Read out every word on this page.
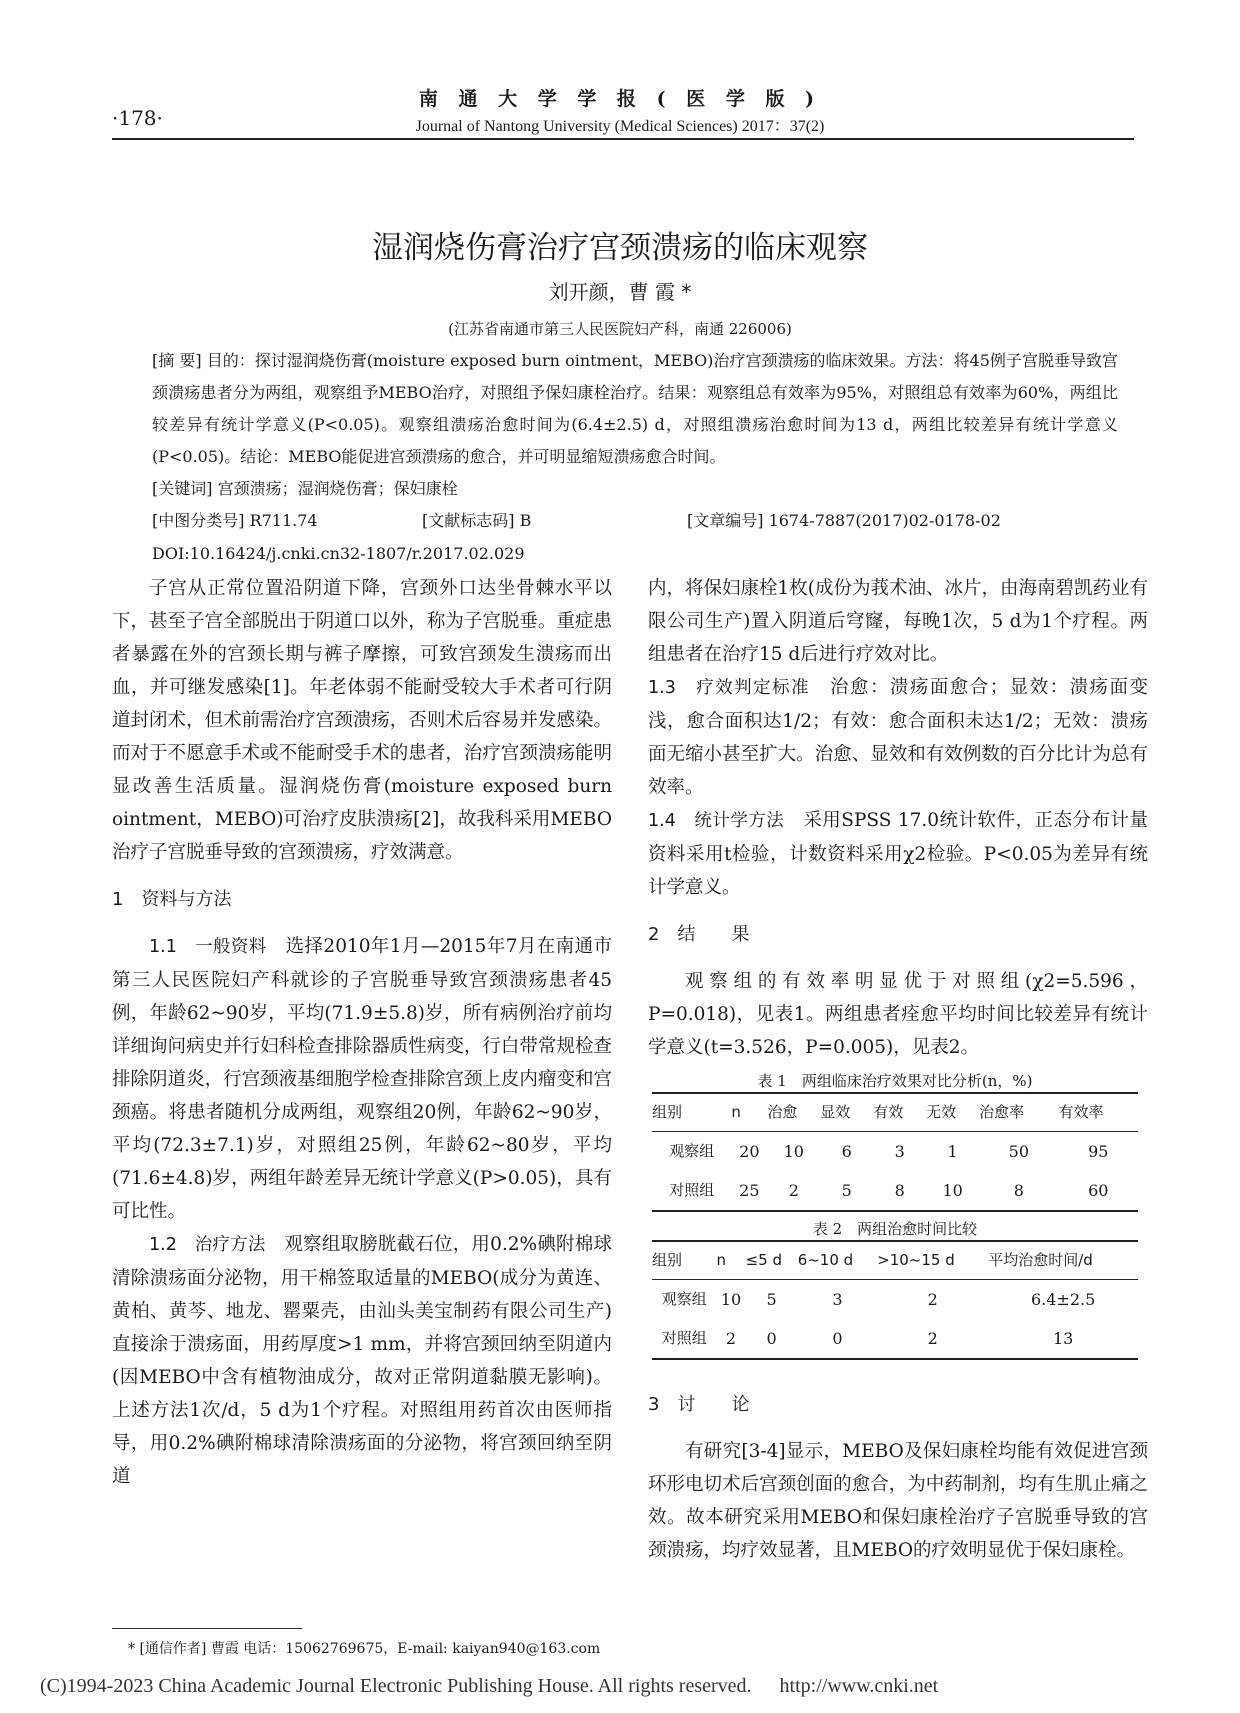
·178·
南 通 大 学 学 报 ( 医 学 版 )
Journal of Nantong University (Medical Sciences) 2017：37(2)
湿润烧伤膏治疗宫颈溃疡的临床观察
刘开颜，曹 霞 *
(江苏省南通市第三人民医院妇产科，南通 226006)
[摘 要] 目的：探讨湿润烧伤膏(moisture exposed burn ointment，MEBO)治疗宫颈溃疡的临床效果。方法：将45例子宫脱垂导致宫颈溃疡患者分为两组，观察组予MEBO治疗，对照组予保妇康栓治疗。结果：观察组总有效率为95%，对照组总有效率为60%，两组比较差异有统计学意义(P<0.05)。观察组溃疡治愈时间为(6.4±2.5) d，对照组溃疡治愈时间为13 d，两组比较差异有统计学意义(P<0.05)。结论：MEBO能促进宫颈溃疡的愈合，并可明显缩短溃疡愈合时间。
[关键词] 宫颈溃疡；湿润烧伤膏；保妇康栓
[中图分类号] R711.74	[文献标志码] B	[文章编号] 1674-7887(2017)02-0178-02
DOI:10.16424/j.cnki.cn32-1807/r.2017.02.029

子宫从正常位置沿阴道下降，宫颈外口达坐骨棘水平以下，甚至子宫全部脱出于阴道口以外，称为子宫脱垂。重症患者暴露在外的宫颈长期与裤子摩擦，可致宫颈发生溃疡而出血，并可继发感染[1]。年老体弱不能耐受较大手术者可行阴道封闭术，但术前需治疗宫颈溃疡，否则术后容易并发感染。而对于不愿意手术或不能耐受手术的患者，治疗宫颈溃疡能明显改善生活质量。湿润烧伤膏(moisture exposed burn ointment，MEBO)可治疗皮肤溃疡[2]，故我科采用MEBO治疗子宫脱垂导致的宫颈溃疡，疗效满意。

1　资料与方法

1.1　一般资料　 选择2010年1月—2015年7月在南通市第三人民医院妇产科就诊的子宫脱垂导致宫颈溃疡患者45例，年龄62~90岁，平均(71.9±5.8)岁，所有病例治疗前均详细询问病史并行妇科检查排除器质性病变，行白带常规检查排除阴道炎，行宫颈液基细胞学检查排除宫颈上皮内瘤变和宫颈癌。将患者随机分成两组，观察组20例，年龄62~90岁，平均(72.3±7.1)岁，对照组25例，年龄62~80岁，平均(71.6±4.8)岁，两组年龄差异无统计学意义(P>0.05)，具有可比性。

1.2　治疗方法　 观察组取膀胱截石位，用0.2%碘附棉球清除溃疡面分泌物，用干棉签取适量的MEBO(成分为黄连、黄柏、黄芩、地龙、罂粟壳，由汕头美宝制药有限公司生产)直接涂于溃疡面，用药厚度>1 mm，并将宫颈回纳至阴道内(因MEBO中含有植物油成分，故对正常阴道黏膜无影响)。上述方法1次/d，5 d为1个疗程。对照组用药首次由医师指导，用0.2%碘附棉球清除溃疡面的分泌物，将宫颈回纳至阴道

内，将保妇康栓1枚(成份为莪术油、冰片，由海南碧凯药业有限公司生产)置入阴道后穹窿，每晚1次，5 d为1个疗程。两组患者在治疗15 d后进行疗效对比。

1.3　疗效判定标准　 治愈：溃疡面愈合；显效：溃疡面变浅，愈合面积达1/2；有效：愈合面积未达1/2；无效：溃疡面无缩小甚至扩大。治愈、显效和有效例数的百分比计为总有效率。

1.4　统计学方法　 采用SPSS 17.0统计软件，正态分布计量资料采用t检验，计数资料采用χ2检验。P<0.05为差异有统计学意义。

2　结　　果

观察组的有效率明显优于对照组(χ2=5.596，P=0.018)，见表1。两组患者痊愈平均时间比较差异有统计学意义(t=3.526，P=0.005)，见表2。

表 1　两组临床治疗效果对比分析(n，%)

组别	n	治愈	显效	有效	无效	治愈率	有效率
观察组	20	10	6	3	1	50	95
对照组	25	2	5	8	10	8	60

表 2　两组治愈时间比较

组别	n	≤5 d	6~10 d	>10~15 d	平均治愈时间/d
观察组	10	5	3	2	6.4±2.5
对照组	2	0	0	2	13

3　讨　　论

有研究[3-4]显示，MEBO及保妇康栓均能有效促进宫颈环形电切术后宫颈创面的愈合，为中药制剂，均有生肌止痛之效。故本研究采用MEBO和保妇康栓治疗子宫脱垂导致的宫颈溃疡，均疗效显著，且MEBO的疗效明显优于保妇康栓。

* [通信作者] 曹霞 电话：15062769675，E-mail: kaiyan940@163.com
(C)1994-2023 China Academic Journal Electronic Publishing House. All rights reserved. http://www.cnki.net
